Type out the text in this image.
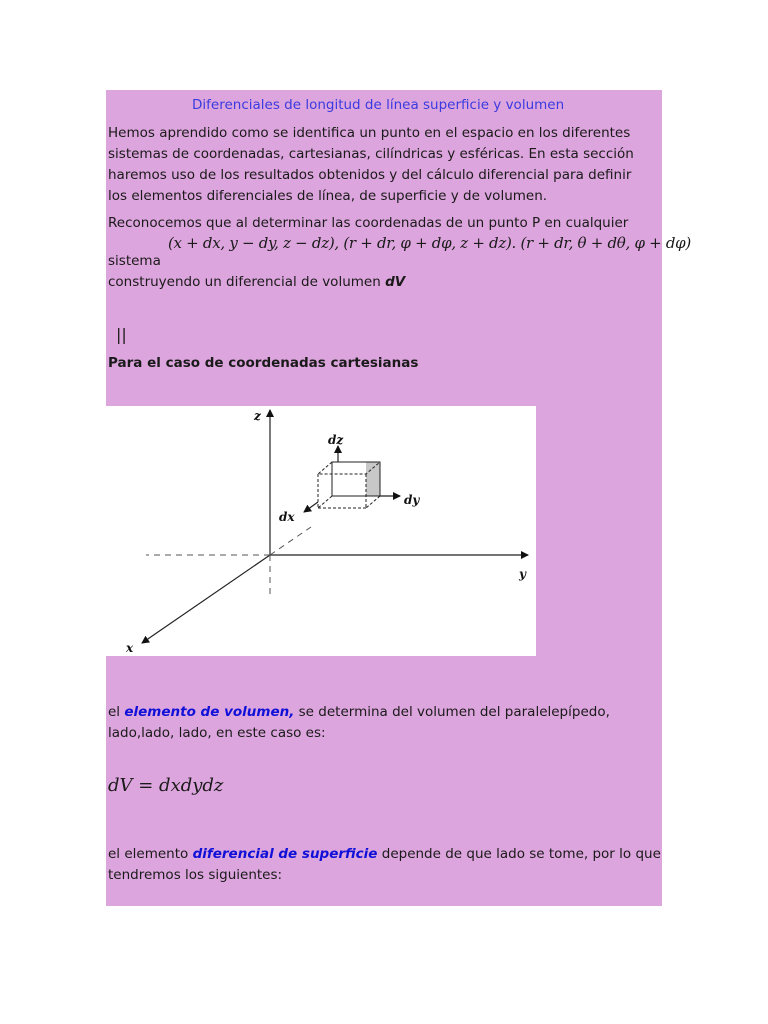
Diferenciales de longitud de línea superficie y volumen
Hemos aprendido como se identifica un punto en el espacio en los diferentes
sistemas de coordenadas, cartesianas, cilíndricas y esféricas. En esta sección
haremos uso de los resultados obtenidos y del cálculo diferencial para definir
los elementos diferenciales de línea, de superficie y de volumen.
Reconocemos que al determinar las coordenadas de un punto P en cualquier
(x + dx, y − dy, z − dz), (r + dr, φ + dφ, z + dz). (r + dr, θ + dθ, φ + dφ)
sistema
construyendo un diferencial de volumen dV
||
Para el caso de coordenadas cartesianas
z
y
x
dz
dy
dx
el elemento de volumen, se determina del volumen del paralelepípedo,
lado,lado, lado, en este caso es:
dV = dxdydz
el elemento diferencial de superficie depende de que lado se tome, por lo que
tendremos los siguientes:
